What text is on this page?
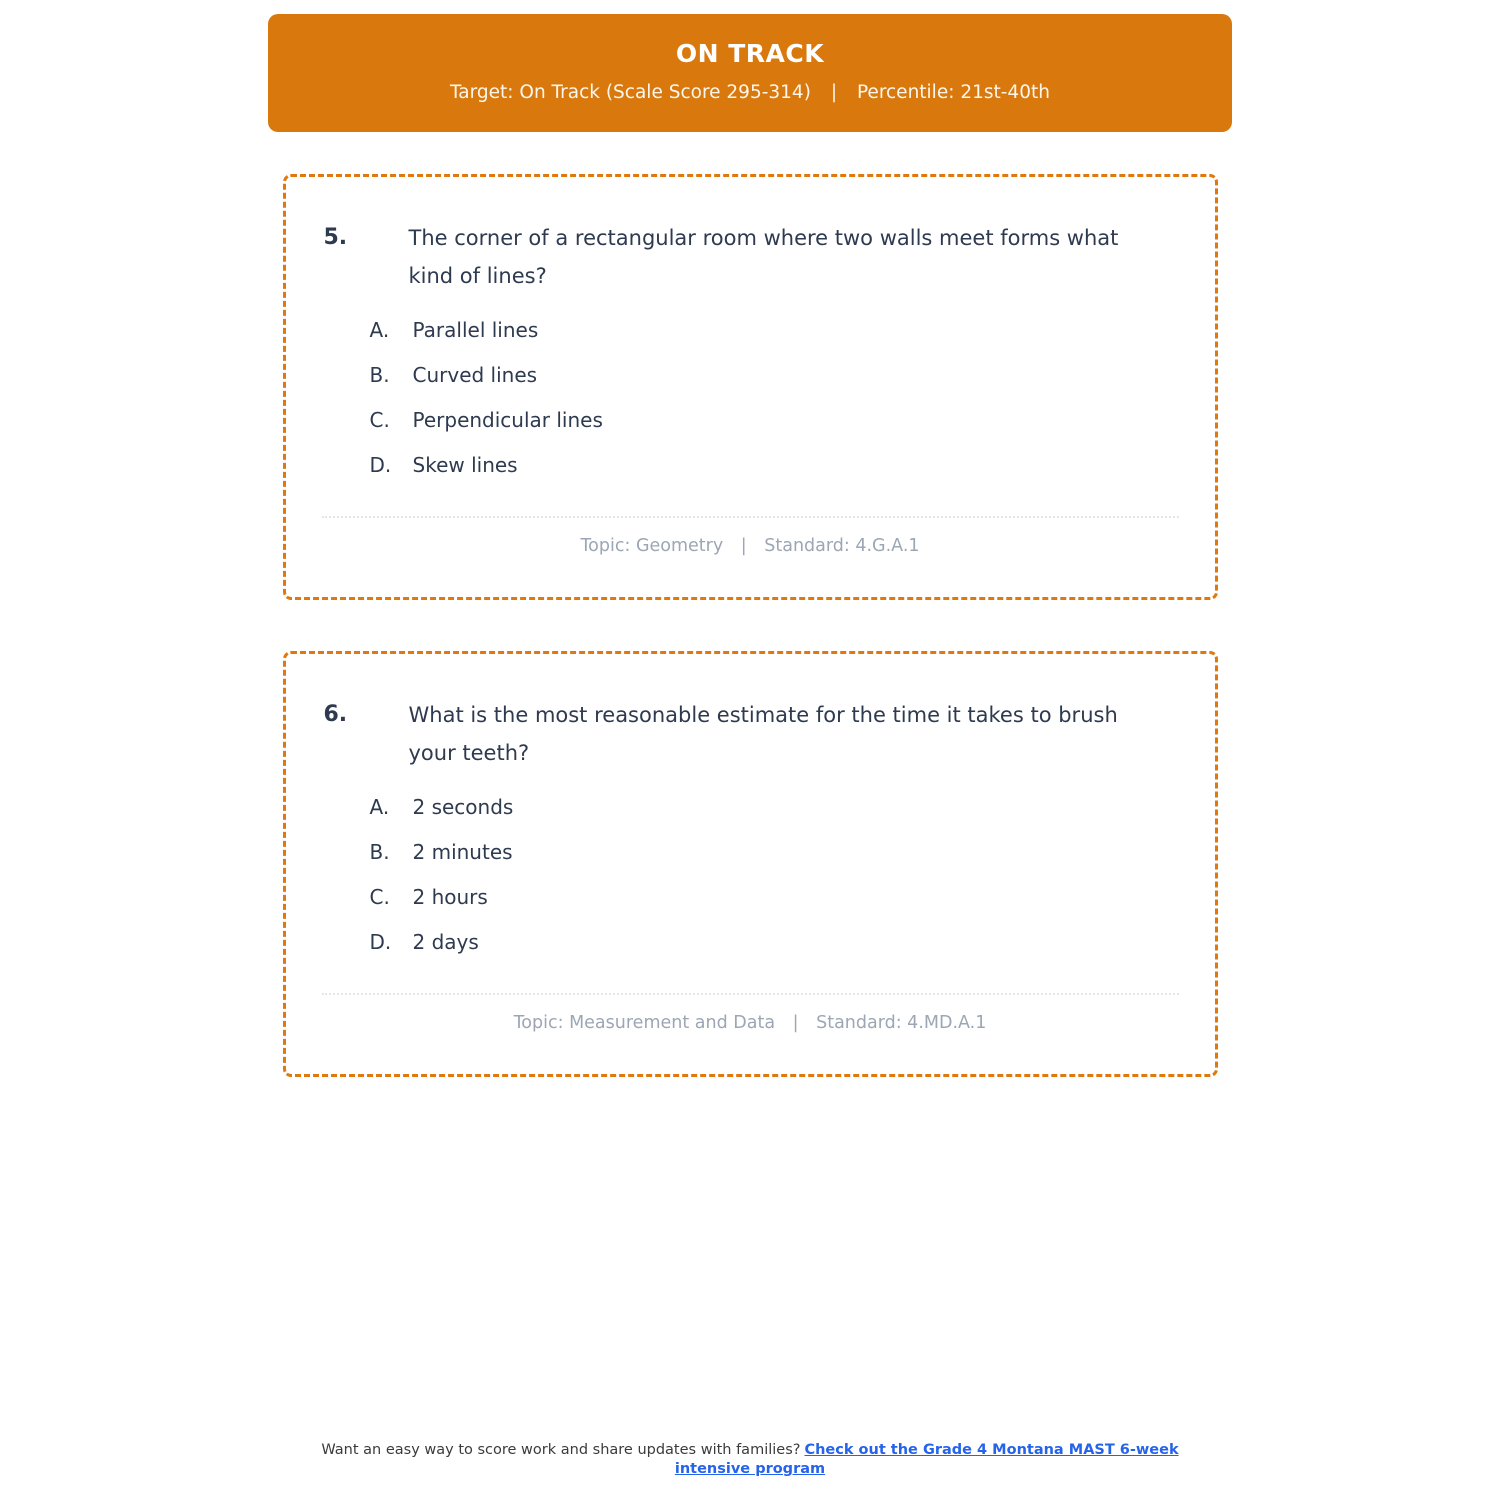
ON TRACK
Target: On Track (Scale Score 295-314) | Percentile: 21st-40th
5.	The corner of a rectangular room where two walls meet forms what kind of lines?
A.	Parallel lines
B.	Curved lines
C.	Perpendicular lines
D.	Skew lines
Topic: Geometry | Standard: 4.G.A.1
6.	What is the most reasonable estimate for the time it takes to brush your teeth?
A.	2 seconds
B.	2 minutes
C.	2 hours
D.	2 days
Topic: Measurement and Data | Standard: 4.MD.A.1

Want an easy way to score work and share updates with families? Check out the Grade 4 Montana MAST 6-week intensive program
